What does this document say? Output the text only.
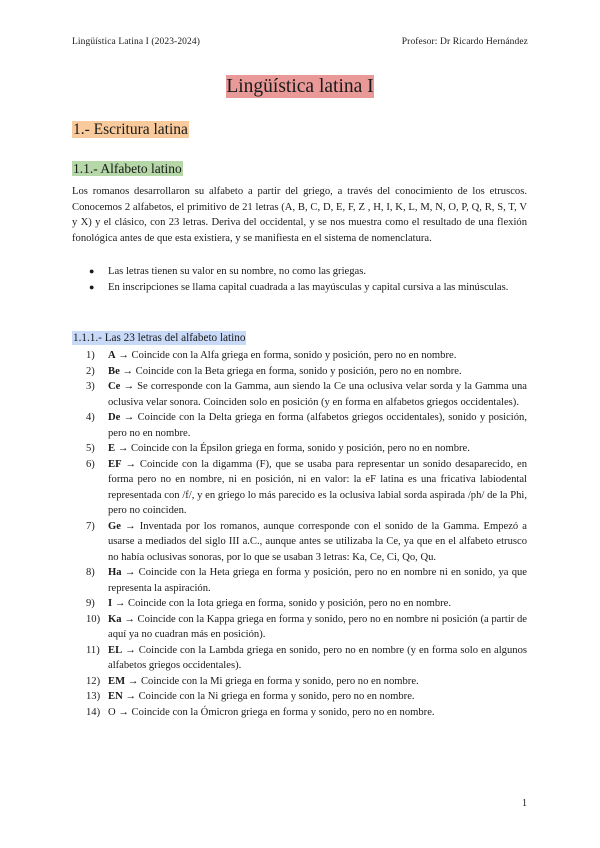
Lingüística Latina I (2023-2024)	Profesor: Dr Ricardo Hernández
Lingüística latina I
1.- Escritura latina
1.1.- Alfabeto latino
Los romanos desarrollaron su alfabeto a partir del griego, a través del conocimiento de los etruscos. Conocemos 2 alfabetos, el primitivo de 21 letras (A, B, C, D, E, F, Z , H, I, K, L, M, N, O, P, Q, R, S, T, V y X) y el clásico, con 23 letras. Deriva del occidental, y se nos muestra como el resultado de una flexión fonológica antes de que esta existiera, y se manifiesta en el sistema de nomenclatura.
● Las letras tienen su valor en su nombre, no como las griegas.
● En inscripciones se llama capital cuadrada a las mayúsculas y capital cursiva a las minúsculas.
1.1.1.- Las 23 letras del alfabeto latino
1) A → Coincide con la Alfa griega en forma, sonido y posición, pero no en nombre.
2) Be → Coincide con la Beta griega en forma, sonido y posición, pero no en nombre.
3) Ce → Se corresponde con la Gamma, aun siendo la Ce una oclusiva velar sorda y la Gamma una oclusiva velar sonora. Coinciden solo en posición (y en forma en alfabetos griegos occidentales).
4) De → Coincide con la Delta griega en forma (alfabetos griegos occidentales), sonido y posición, pero no en nombre.
5) E → Coincide con la Épsilon griega en forma, sonido y posición, pero no en nombre.
6) EF → Coincide con la digamma (F), que se usaba para representar un sonido desaparecido, en forma pero no en nombre, ni en posición, ni en valor: la eF latina es una fricativa labiodental representada con /f/, y en griego lo más parecido es la oclusiva labial sorda aspirada /ph/ de la Phi, pero no coinciden.
7) Ge → Inventada por los romanos, aunque corresponde con el sonido de la Gamma. Empezó a usarse a mediados del siglo III a.C., aunque antes se utilizaba la Ce, ya que en el alfabeto etrusco no había oclusivas sonoras, por lo que se usaban 3 letras: Ka, Ce, Ci, Qo, Qu.
8) Ha → Coincide con la Heta griega en forma y posición, pero no en nombre ni en sonido, ya que representa la aspiración.
9) I → Coincide con la Iota griega en forma, sonido y posición, pero no en nombre.
10) Ka → Coincide con la Kappa griega en forma y sonido, pero no en nombre ni posición (a partir de aquí ya no cuadran más en posición).
11) EL → Coincide con la Lambda griega en sonido, pero no en nombre (y en forma solo en algunos alfabetos griegos occidentales).
12) EM → Coincide con la Mi griega en forma y sonido, pero no en nombre.
13) EN → Coincide con la Ni griega en forma y sonido, pero no en nombre.
14) O → Coincide con la Ómicron griega en forma y sonido, pero no en nombre.
1
